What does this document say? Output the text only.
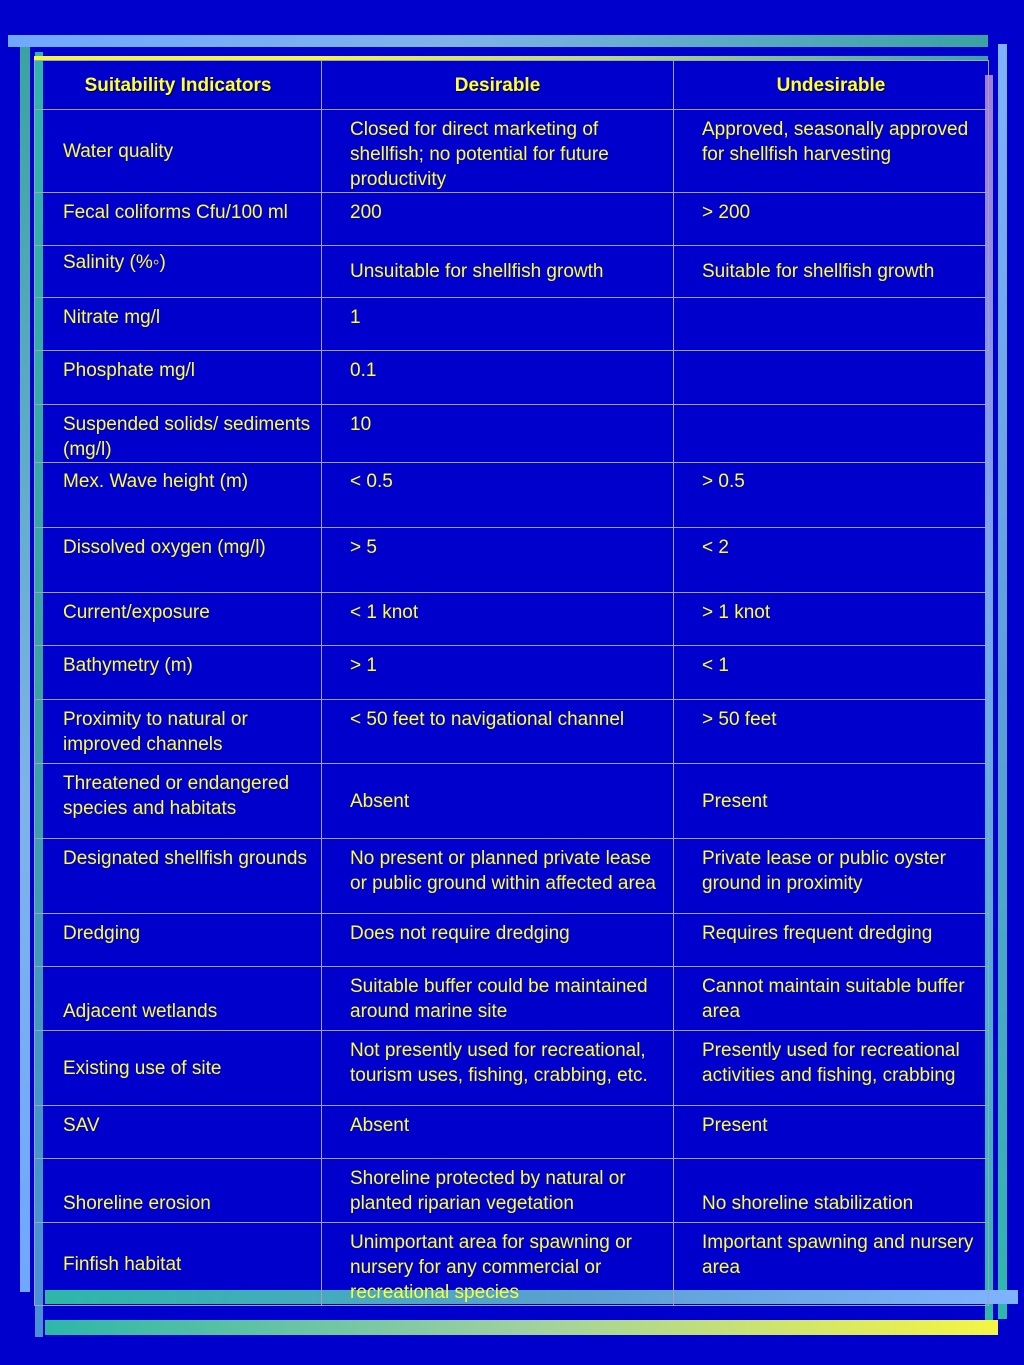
Suitability Indicators	Desirable	Undesirable
Water quality	Closed for direct marketing of shellfish; no potential for future productivity	Approved, seasonally approved for shellfish harvesting
Fecal coliforms Cfu/100 ml	200	> 200
Salinity (%◦)	Unsuitable for shellfish growth	Suitable for shellfish growth
Nitrate mg/l	1	
Phosphate mg/l	0.1	
Suspended solids/ sediments (mg/l)	10	
Mex. Wave height (m)	< 0.5	> 0.5
Dissolved oxygen (mg/l)	> 5	< 2
Current/exposure	< 1 knot	> 1 knot
Bathymetry (m)	> 1	< 1
Proximity to natural or improved channels	< 50 feet to navigational channel	> 50 feet
Threatened or endangered species and habitats	Absent	Present
Designated shellfish grounds	No present or planned private lease or public ground within affected area	Private lease or public oyster ground in proximity
Dredging	Does not require dredging	Requires frequent dredging
Adjacent wetlands	Suitable buffer could be maintained around marine site	Cannot maintain suitable buffer area
Existing use of site	Not presently used for recreational, tourism uses, fishing, crabbing, etc.	Presently used for recreational activities and fishing, crabbing
SAV	Absent	Present
Shoreline erosion	Shoreline protected by natural or planted riparian vegetation	No shoreline stabilization
Finfish habitat	Unimportant area for spawning or nursery for any commercial or recreational species	Important spawning and nursery area
